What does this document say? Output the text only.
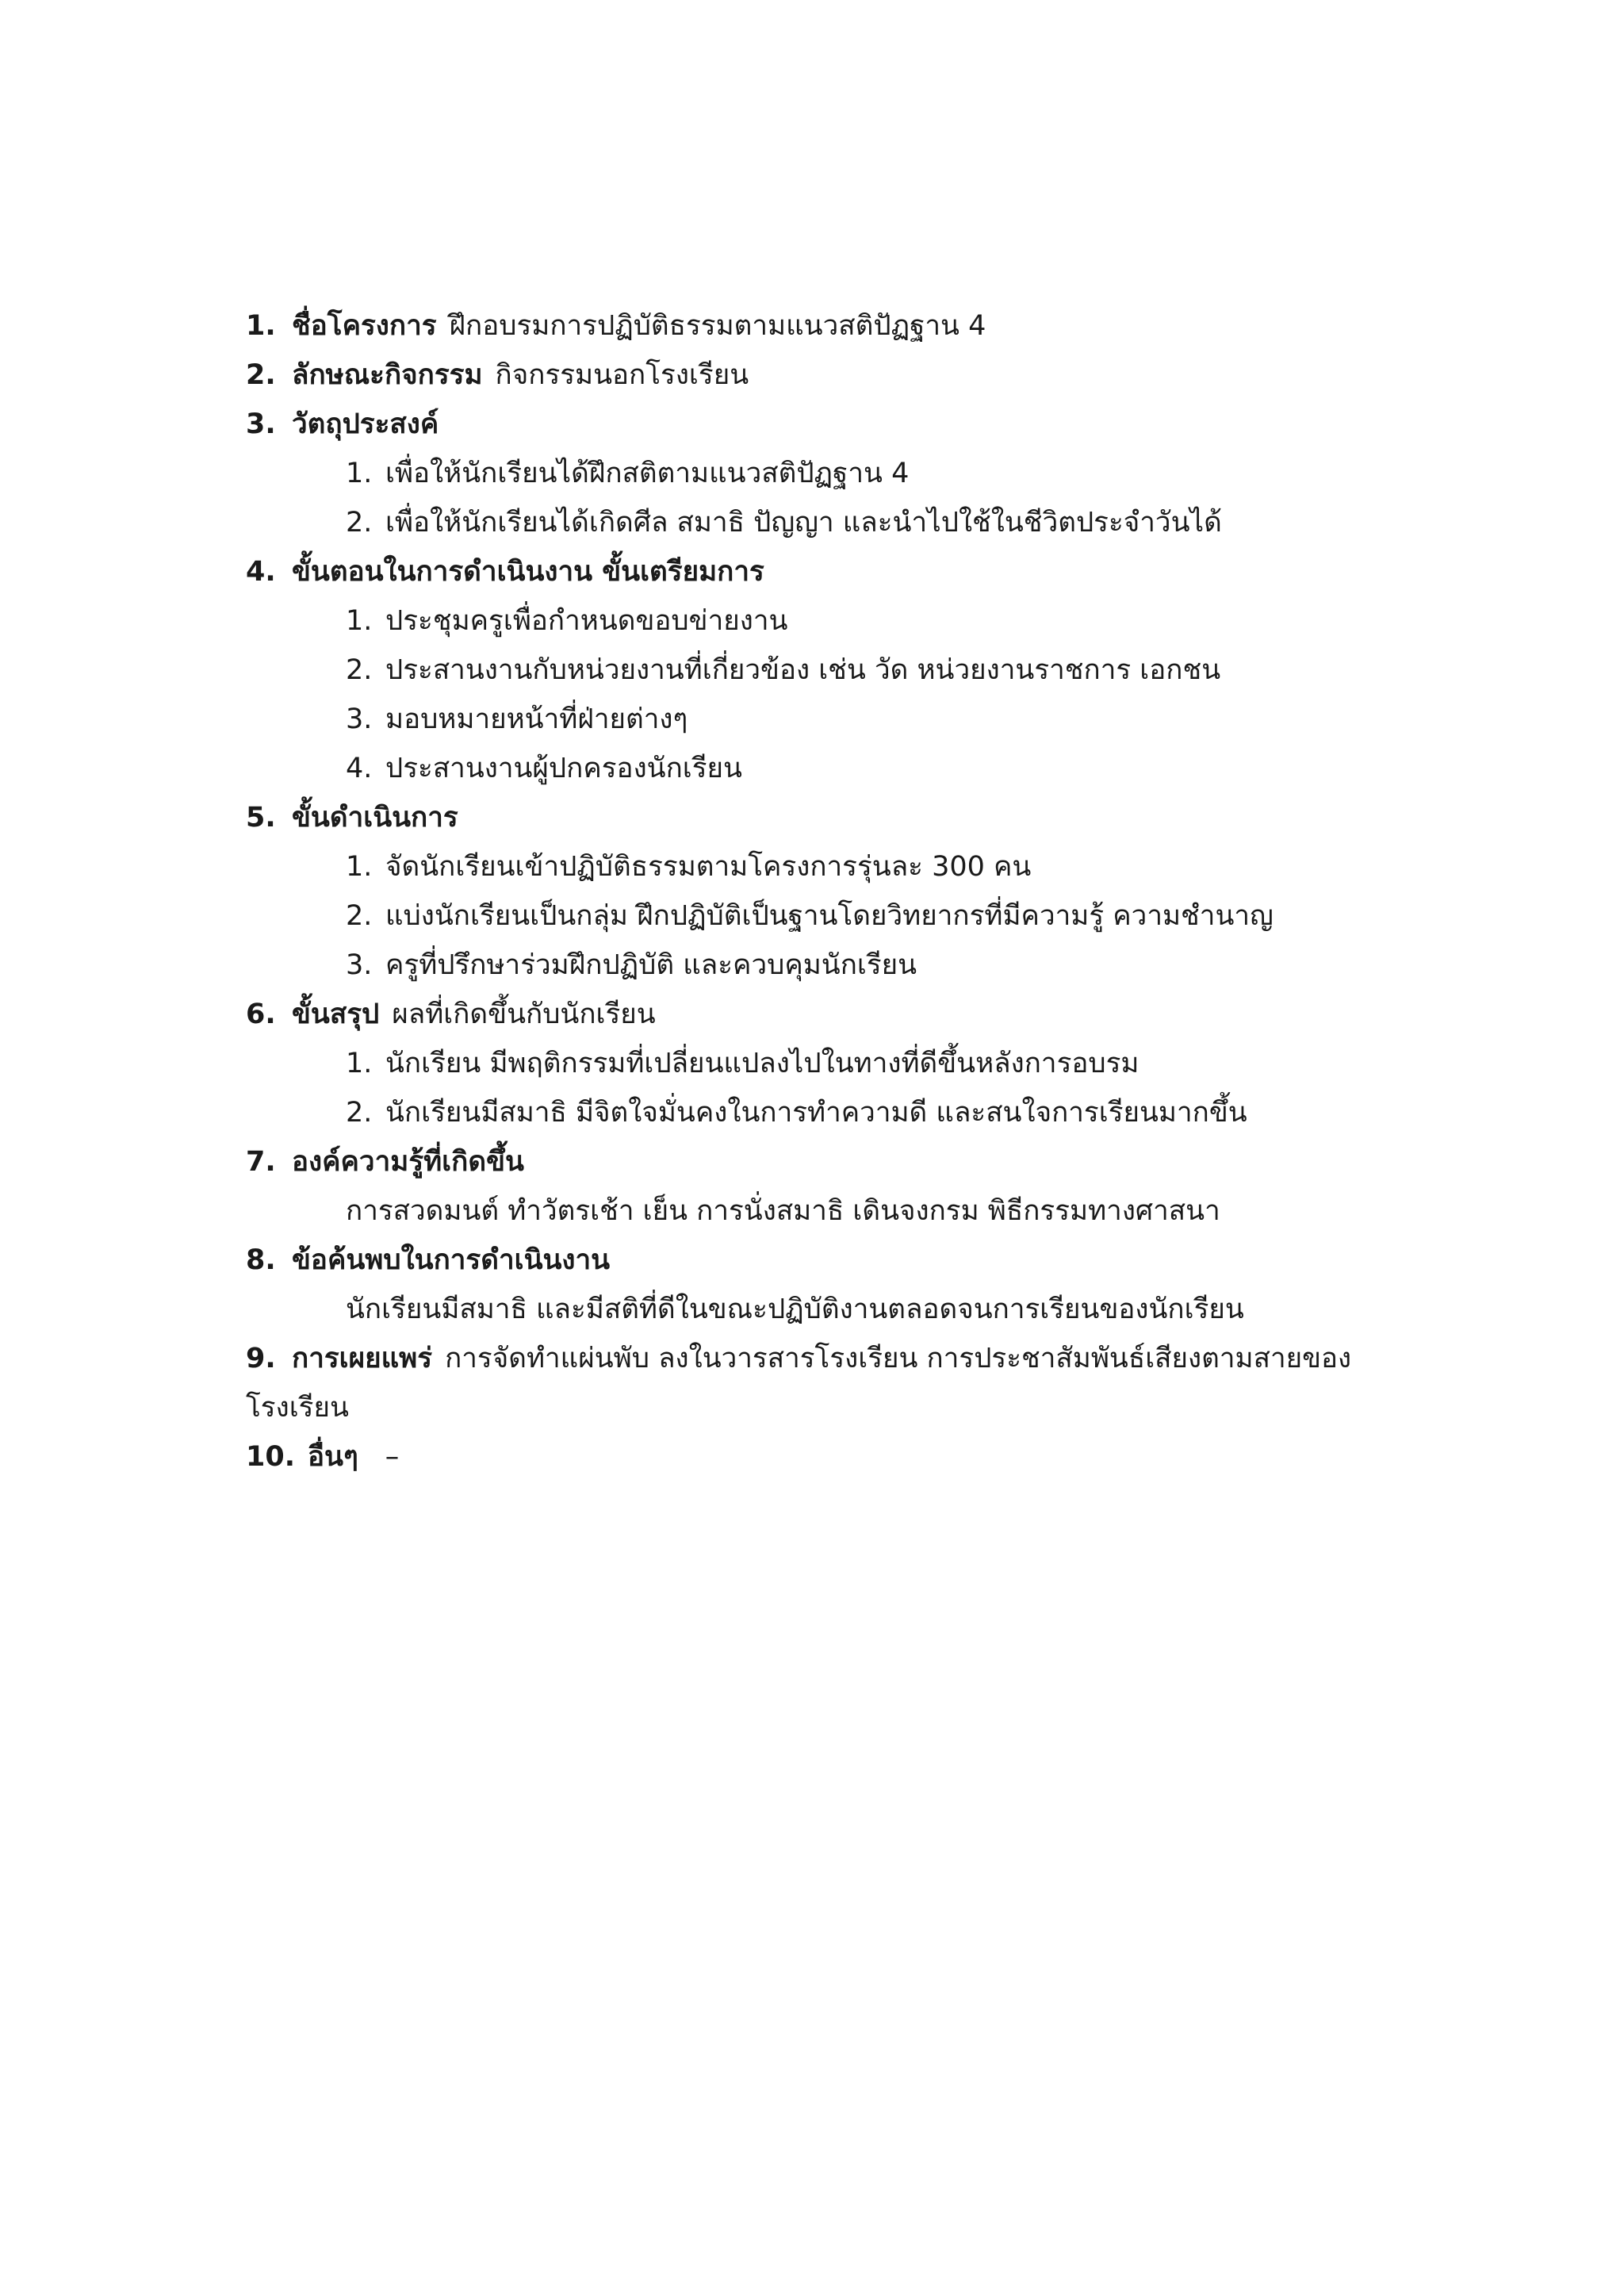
1. ชื่อโครงการ ฝึกอบรมการปฏิบัติธรรมตามแนวสติปัฏฐาน 4
2. ลักษณะกิจกรรม กิจกรรมนอกโรงเรียน
3. วัตถุประสงค์
1. เพื่อให้นักเรียนได้ฝึกสติตามแนวสติปัฏฐาน 4
2. เพื่อให้นักเรียนได้เกิดศีล สมาธิ ปัญญา และนำไปใช้ในชีวิตประจำวันได้
4. ขั้นตอนในการดำเนินงาน ขั้นเตรียมการ
1. ประชุมครูเพื่อกำหนดขอบข่ายงาน
2. ประสานงานกับหน่วยงานที่เกี่ยวข้อง เช่น วัด หน่วยงานราชการ เอกชน
3. มอบหมายหน้าที่ฝ่ายต่างๆ
4. ประสานงานผู้ปกครองนักเรียน
5. ขั้นดำเนินการ
1. จัดนักเรียนเข้าปฏิบัติธรรมตามโครงการรุ่นละ 300 คน
2. แบ่งนักเรียนเป็นกลุ่ม ฝึกปฏิบัติเป็นฐานโดยวิทยากรที่มีความรู้ ความชำนาญ
3. ครูที่ปรึกษาร่วมฝึกปฏิบัติ และควบคุมนักเรียน
6. ขั้นสรุป ผลที่เกิดขึ้นกับนักเรียน
1. นักเรียน มีพฤติกรรมที่เปลี่ยนแปลงไปในทางที่ดีขึ้นหลังการอบรม
2. นักเรียนมีสมาธิ มีจิตใจมั่นคงในการทำความดี และสนใจการเรียนมากขึ้น
7. องค์ความรู้ที่เกิดขึ้น
การสวดมนต์ ทำวัตรเช้า เย็น การนั่งสมาธิ เดินจงกรม พิธีกรรมทางศาสนา
8. ข้อค้นพบในการดำเนินงาน
นักเรียนมีสมาธิ และมีสติที่ดีในขณะปฏิบัติงานตลอดจนการเรียนของนักเรียน
9. การเผยแพร่ การจัดทำแผ่นพับ ลงในวารสารโรงเรียน การประชาสัมพันธ์เสียงตามสายของ
โรงเรียน
10. อื่นๆ –
